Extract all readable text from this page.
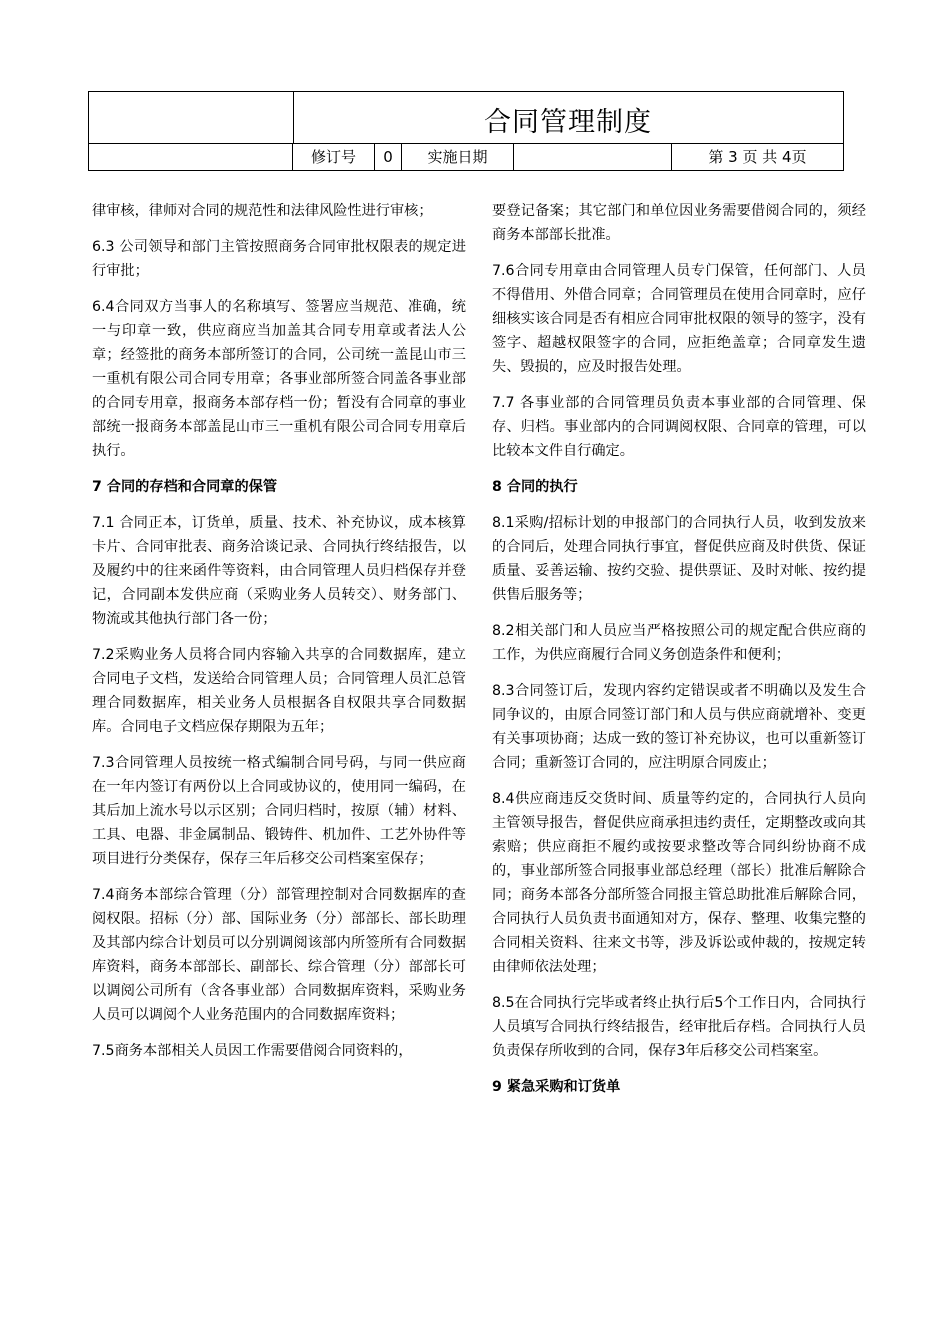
合同管理制度
修订号	0	实施日期	第 3 页 共 4页

律审核，律师对合同的规范性和法律风险性进行审核；

6.3 公司领导和部门主管按照商务合同审批权限表的规定进行审批；

6.4合同双方当事人的名称填写、签署应当规范、准确，统一与印章一致，供应商应当加盖其合同专用章或者法人公章；经签批的商务本部所签订的合同，公司统一盖昆山市三一重机有限公司合同专用章；各事业部所签合同盖各事业部的合同专用章，报商务本部存档一份；暂没有合同章的事业部统一报商务本部盖昆山市三一重机有限公司合同专用章后执行。

7 合同的存档和合同章的保管

7.1 合同正本，订货单，质量、技术、补充协议，成本核算卡片、合同审批表、商务洽谈记录、合同执行终结报告，以及履约中的往来函件等资料，由合同管理人员归档保存并登记，合同副本发供应商（采购业务人员转交）、财务部门、物流或其他执行部门各一份；

7.2采购业务人员将合同内容输入共享的合同数据库，建立合同电子文档，发送给合同管理人员；合同管理人员汇总管理合同数据库，相关业务人员根据各自权限共享合同数据库。合同电子文档应保存期限为五年；

7.3合同管理人员按统一格式编制合同号码，与同一供应商在一年内签订有两份以上合同或协议的，使用同一编码，在其后加上流水号以示区别；合同归档时，按原（辅）材料、工具、电器、非金属制品、锻铸件、机加件、工艺外协件等项目进行分类保存，保存三年后移交公司档案室保存；

7.4商务本部综合管理（分）部管理控制对合同数据库的查阅权限。招标（分）部、国际业务（分）部部长、部长助理及其部内综合计划员可以分别调阅该部内所签所有合同数据库资料，商务本部部长、副部长、综合管理（分）部部长可以调阅公司所有（含各事业部）合同数据库资料，采购业务人员可以调阅个人业务范围内的合同数据库资料；

7.5商务本部相关人员因工作需要借阅合同资料的，

要登记备案；其它部门和单位因业务需要借阅合同的，须经商务本部部长批准。

7.6合同专用章由合同管理人员专门保管，任何部门、人员不得借用、外借合同章；合同管理员在使用合同章时，应仔细核实该合同是否有相应合同审批权限的领导的签字，没有签字、超越权限签字的合同，应拒绝盖章；合同章发生遗失、毁损的，应及时报告处理。

7.7 各事业部的合同管理员负责本事业部的合同管理、保存、归档。事业部内的合同调阅权限、合同章的管理，可以比较本文件自行确定。

8 合同的执行

8.1采购/招标计划的申报部门的合同执行人员，收到发放来的合同后，处理合同执行事宜，督促供应商及时供货、保证质量、妥善运输、按约交验、提供票证、及时对帐、按约提供售后服务等；

8.2相关部门和人员应当严格按照公司的规定配合供应商的工作，为供应商履行合同义务创造条件和便利；

8.3合同签订后，发现内容约定错误或者不明确以及发生合同争议的，由原合同签订部门和人员与供应商就增补、变更有关事项协商；达成一致的签订补充协议，也可以重新签订合同；重新签订合同的，应注明原合同废止；

8.4供应商违反交货时间、质量等约定的，合同执行人员向主管领导报告，督促供应商承担违约责任，定期整改或向其索赔；供应商拒不履约或按要求整改等合同纠纷协商不成的，事业部所签合同报事业部总经理（部长）批准后解除合同；商务本部各分部所签合同报主管总助批准后解除合同，合同执行人员负责书面通知对方，保存、整理、收集完整的合同相关资料、往来文书等，涉及诉讼或仲裁的，按规定转由律师依法处理；

8.5在合同执行完毕或者终止执行后5个工作日内，合同执行人员填写合同执行终结报告，经审批后存档。合同执行人员负责保存所收到的合同，保存3年后移交公司档案室。

9 紧急采购和订货单
